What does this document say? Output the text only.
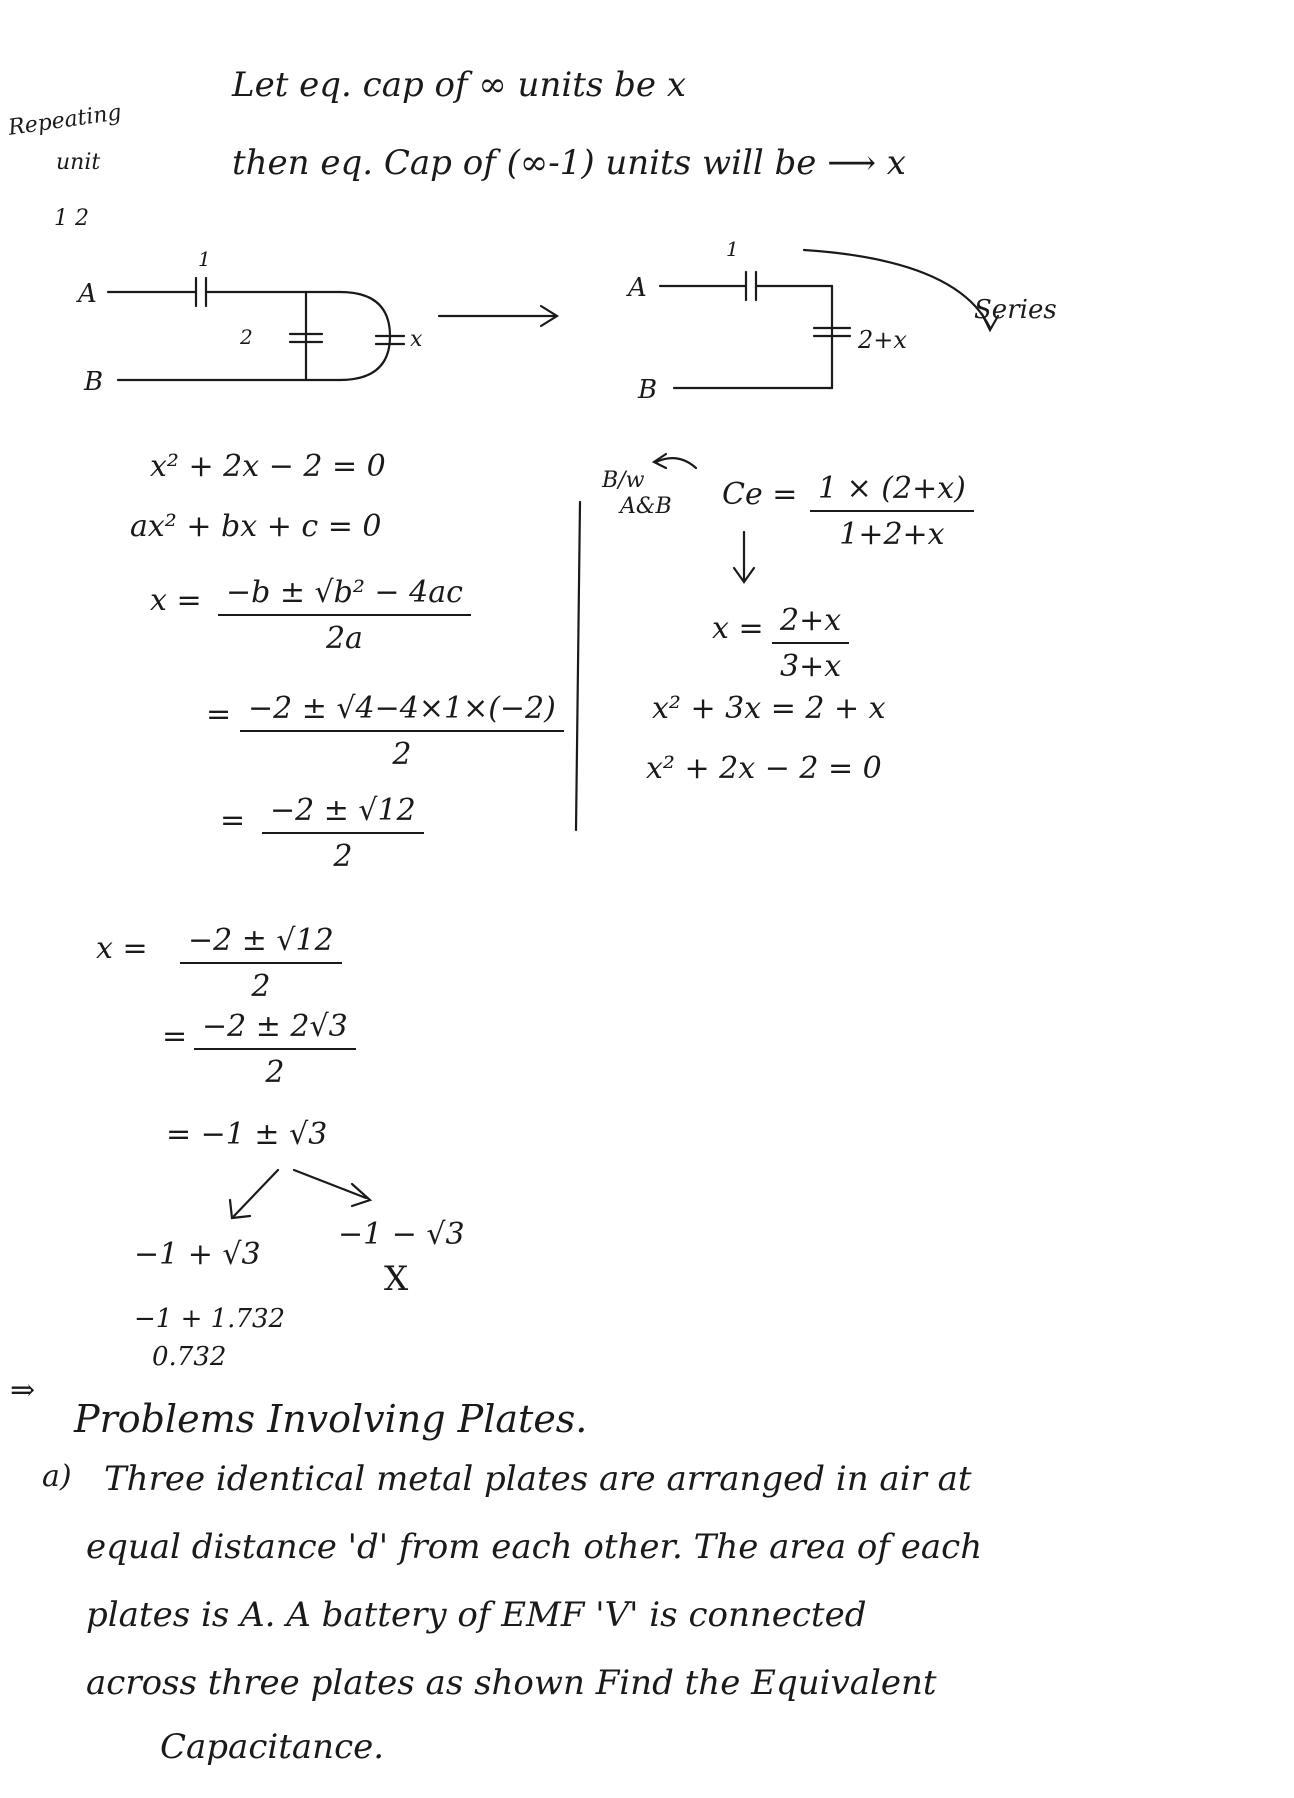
Let eq. cap of ∞ units be x
then eq. Cap of (∞-1) units will be ⟶ x
Repeating
unit
1 2
A
B
1
2	x
A
B
1
2+x
Series
x² + 2x − 2 = 0
ax² + bx + c = 0
$x = \frac{\text{−b ± √b² − 4ac}}{2a}$
= $\frac{-2 \pm √4-4\times 1\times(-2)}{2}$
= $\frac{-2 \pm √12}{2}$
$x = \frac{-2 \pm √12}{2}$
= $\frac{-2 \pm 2√3}{2}$
= −1 ± √3
−1 + √3
−1 − √3
X
−1 + 1.732
0.732
B/w
A&B $Ce = \frac{1 \times (2+x)}{1+2+x}$
$x = \frac{2+x}{3+x}$
x² + 3x = 2 + x
x² + 2x − 2 = 0
⇒
Problems Involving Plates.
a) Three identical metal plates are arranged in air at
equal distance 'd' from each other. The area of each
plates is A. A battery of EMF 'V' is connected
across three plates as shown Find the Equivalent
Capacitance.
